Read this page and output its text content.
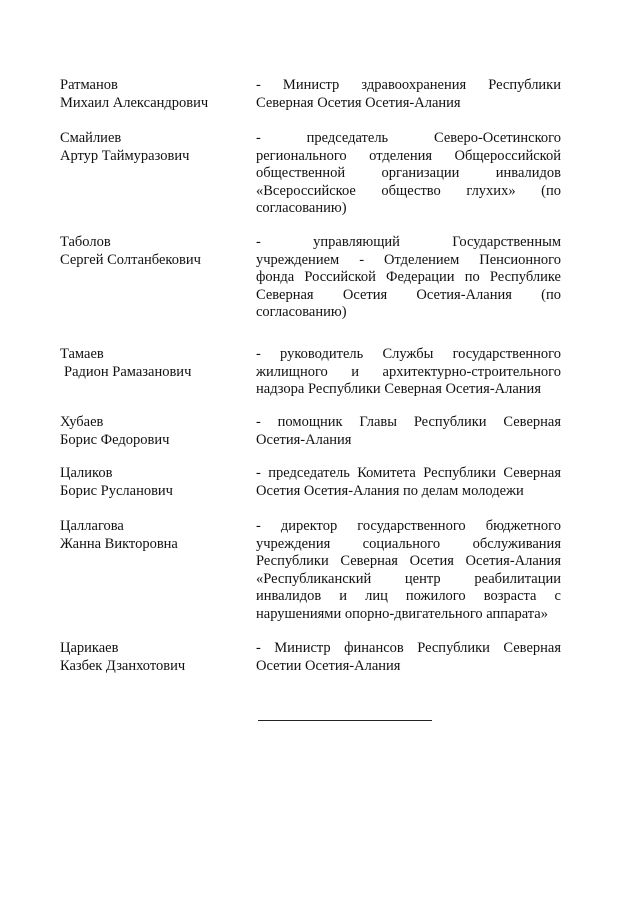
Ратманов
Михаил Александрович
- Министр здравоохранения Республики
Северная Осетия Осетия-Алания
Смайлиев
Артур Таймуразович
- председатель Северо-Осетинского
регионального отделения Общероссийской
общественной организации инвалидов
«Всероссийское общество глухих» (по
согласованию)
Таболов
Сергей Солтанбекович
- управляющий Государственным
учреждением - Отделением Пенсионного
фонда Российской Федерации по Республике
Северная Осетия Осетия-Алания (по
согласованию)
Тамаев
Радион Рамазанович
- руководитель Службы государственного
жилищного и архитектурно-строительного
надзора Республики Северная Осетия-Алания
Хубаев
Борис Федорович
- помощник Главы Республики Северная
Осетия-Алания
Цаликов
Борис Русланович
- председатель Комитета Республики Северная
Осетия Осетия-Алания по делам молодежи
Цаллагова
Жанна Викторовна
- директор государственного бюджетного
учреждения социального обслуживания
Республики Северная Осетия Осетия-Алания
«Республиканский центр реабилитации
инвалидов и лиц пожилого возраста с
нарушениями опорно-двигательного аппарата»
Царикаев
Казбек Дзанхотович
- Министр финансов Республики Северная
Осетии Осетия-Алания
